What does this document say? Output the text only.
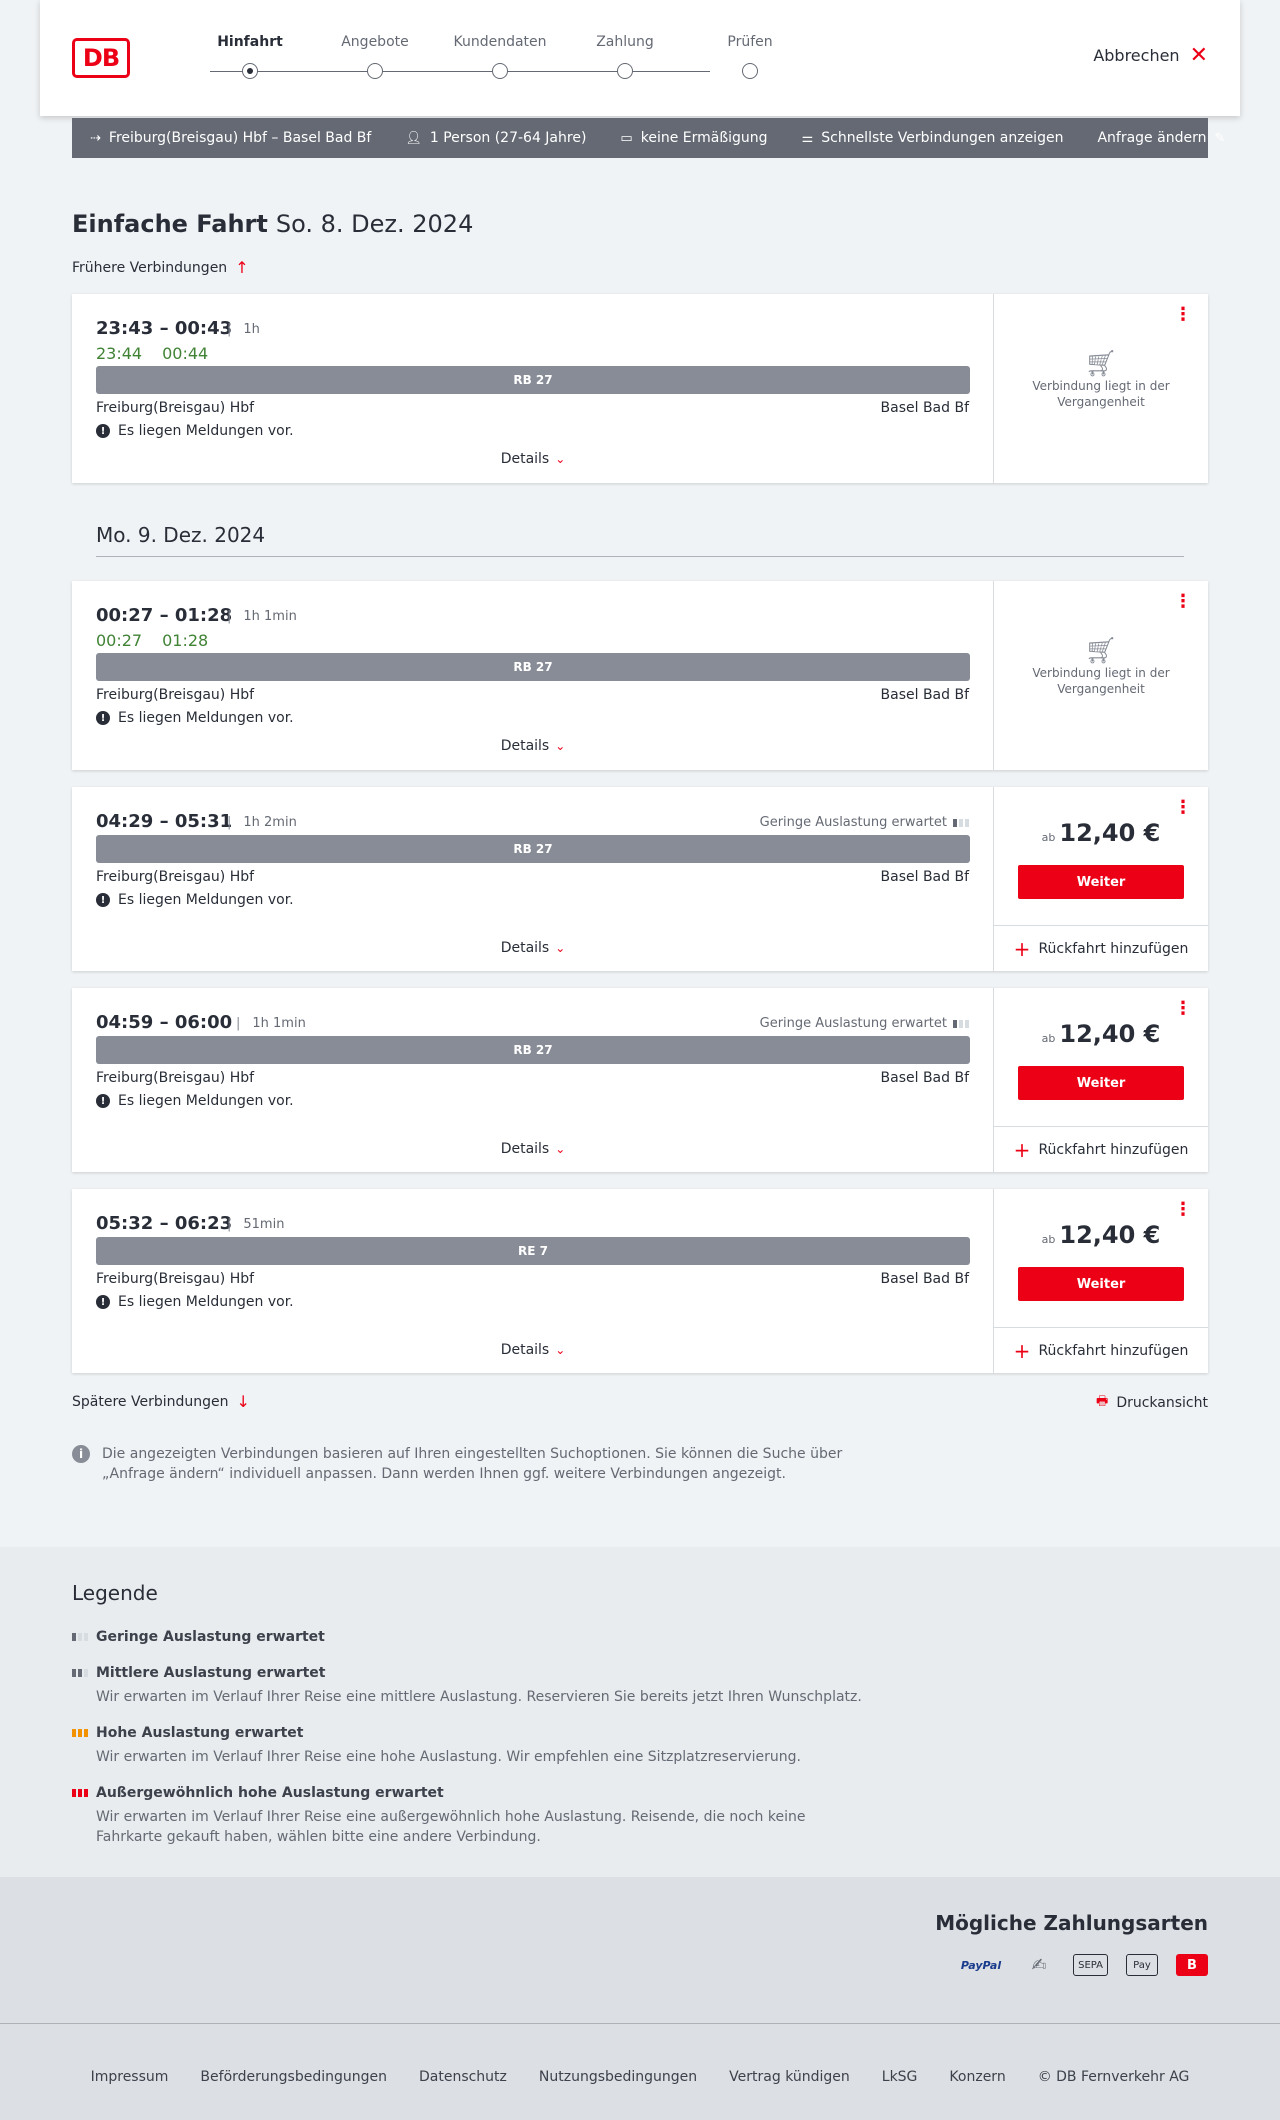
DB
Hinfahrt	Angebote	Kundendaten	Zahlung	Prüfen
Abbrechen ✕
⇢ Freiburg(Breisgau) Hbf – Basel Bad Bf	👤︎ 1 Person (27-64 Jahre)	▭ keine Ermäßigung	⚌ Schnellste Verbindungen anzeigen Anfrage ändern ✎
Einfache Fahrt So. 8. Dez. 2024
Frühere Verbindungen ↑
23:43 – 00:43 | 1h
23:44 00:44
RB 27
Freiburg(Breisgau) Hbf	Basel Bad Bf
! Es liegen Meldungen vor.
Details ⌄
⋮
🛒︎
Verbindung liegt in der Vergangenheit
Mo. 9. Dez. 2024
00:27 – 01:28 | 1h 1min
00:27 01:28
RB 27
Freiburg(Breisgau) Hbf	Basel Bad Bf
! Es liegen Meldungen vor.
Details ⌄
⋮
🛒︎
Verbindung liegt in der Vergangenheit
04:29 – 05:31 | 1h 2min	Geringe Auslastung erwartet
RB 27
Freiburg(Breisgau) Hbf	Basel Bad Bf
! Es liegen Meldungen vor.
Details ⌄
⋮
ab 12,40 €
Weiter
+ Rückfahrt hinzufügen
04:59 – 06:00	| 1h 1min	Geringe Auslastung erwartet
RB 27
Freiburg(Breisgau) Hbf	Basel Bad Bf
! Es liegen Meldungen vor.
Details ⌄
⋮
ab 12,40 €
Weiter
+ Rückfahrt hinzufügen
05:32 – 06:23 | 51min
RE 7
Freiburg(Breisgau) Hbf	Basel Bad Bf
! Es liegen Meldungen vor.
Details ⌄
⋮
ab 12,40 €
Weiter
+ Rückfahrt hinzufügen
Spätere Verbindungen ↓	🖶︎ Druckansicht
i	Die angezeigten Verbindungen basieren auf Ihren eingestellten Suchoptionen. Sie können die Suche über „Anfrage ändern“ individuell anpassen. Dann werden Ihnen ggf. weitere Verbindungen angezeigt.
Legende
Geringe Auslastung erwartet
Mittlere Auslastung erwartet
Wir erwarten im Verlauf Ihrer Reise eine mittlere Auslastung. Reservieren Sie bereits jetzt Ihren Wunschplatz.
Hohe Auslastung erwartet
Wir erwarten im Verlauf Ihrer Reise eine hohe Auslastung. Wir empfehlen eine Sitzplatzreservierung.
Außergewöhnlich hohe Auslastung erwartet
Wir erwarten im Verlauf Ihrer Reise eine außergewöhnlich hohe Auslastung. Reisende, die noch keine Fahrkarte gekauft haben, wählen bitte eine andere Verbindung.
Mögliche Zahlungsarten
PayPal	✍︎	SEPA	Pay	B
Impressum Beförderungsbedingungen Datenschutz Nutzungsbedingungen Vertrag kündigen LkSG Konzern © DB Fernverkehr AG
